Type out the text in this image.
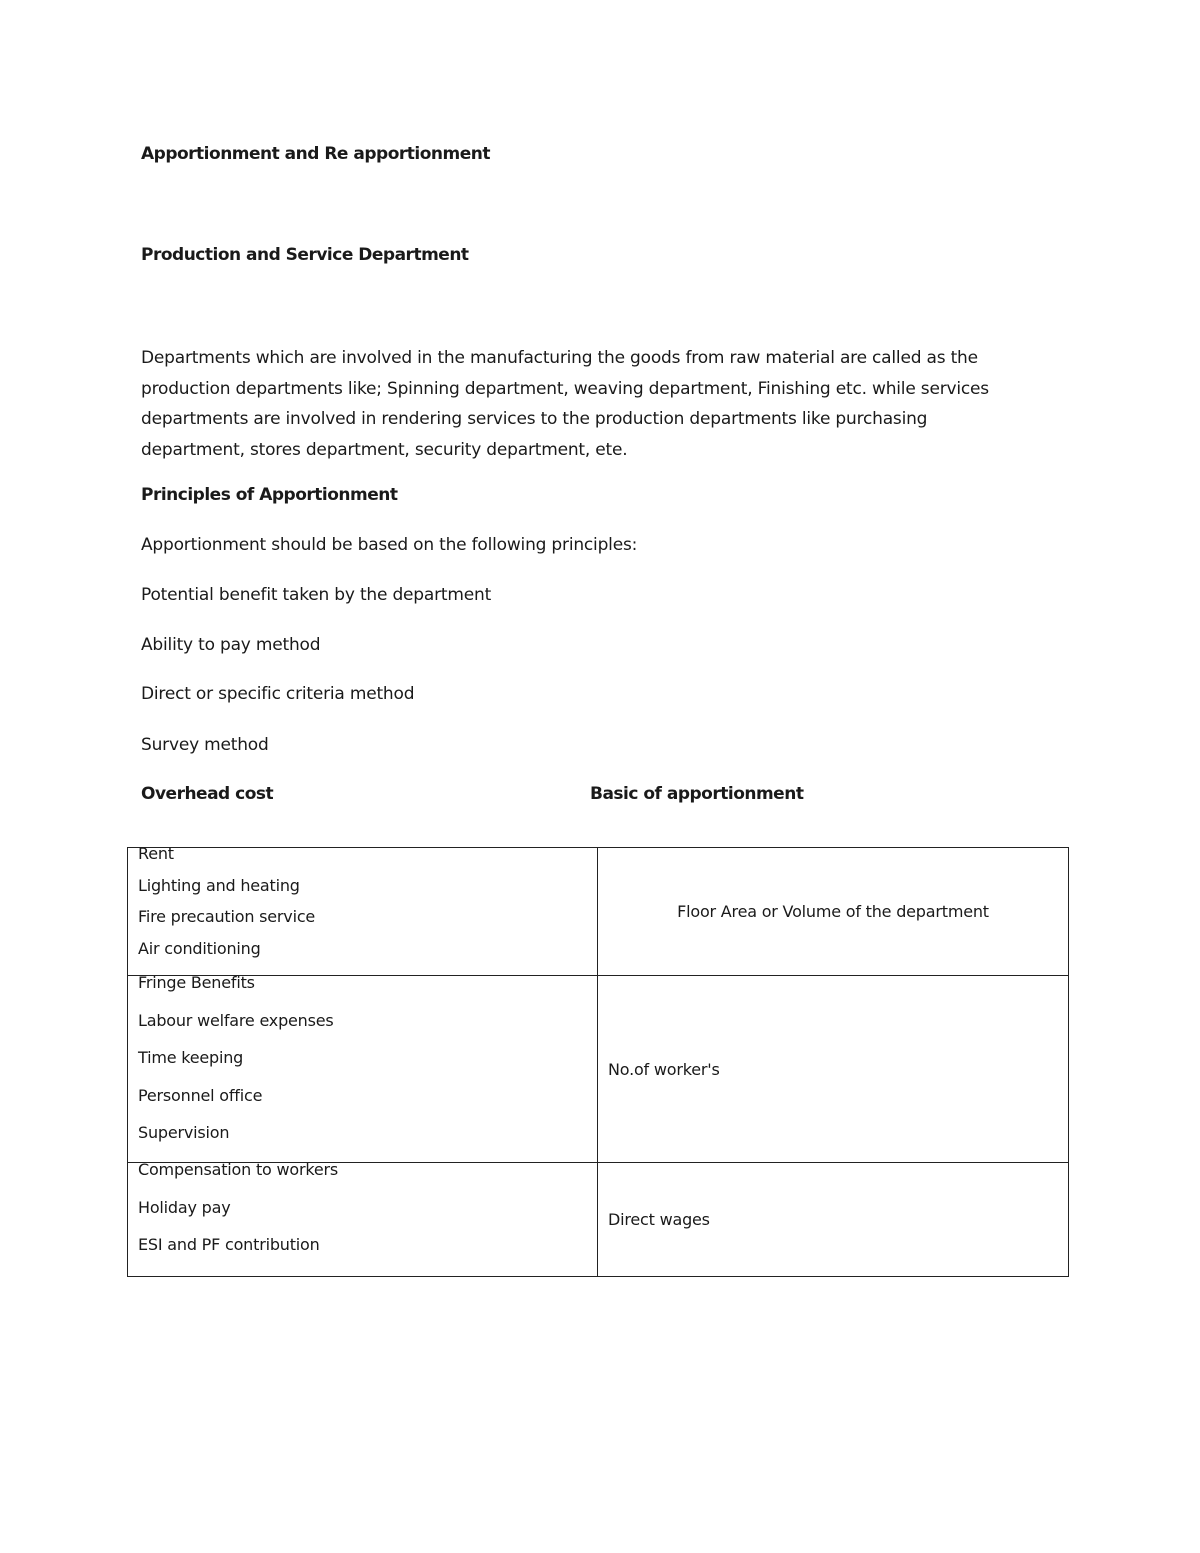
Apportionment and Re apportionment
Production and Service Department
Departments which are involved in the manufacturing the goods from raw material are called as the
production departments like; Spinning department, weaving department, Finishing etc. while services
departments are involved in rendering services to the production departments like purchasing
department, stores department, security department, ete.
Principles of Apportionment
Apportionment should be based on the following principles:
Potential benefit taken by the department
Ability to pay method
Direct or specific criteria method
Survey method
Overhead cost	Basic of apportionment
Rent
Lighting and heating
Fire precaution service
Air conditioning	Floor Area or Volume of the department

Fringe Benefits
Labour welfare expenses
Time keeping
Personnel office
Supervision	No.of worker's

Compensation to workers
Holiday pay
ESI and PF contribution	Direct wages
